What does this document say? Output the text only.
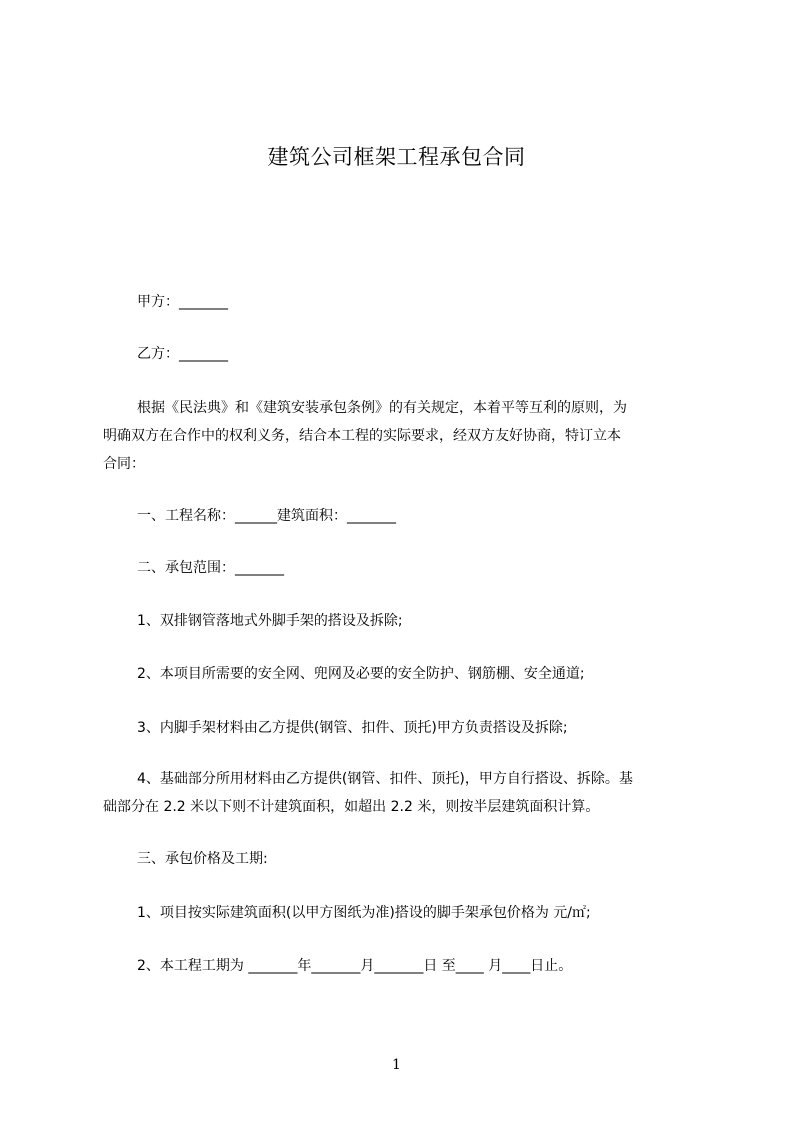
建筑公司框架工程承包合同
甲方：_______
乙方：_______
根据《民法典》和《建筑安装承包条例》的有关规定，本着平等互利的原则，为
明确双方在合作中的权利义务，结合本工程的实际要求，经双方友好协商，特订立本
合同：
一、工程名称：______建筑面积：_______
二、承包范围：_______
1、双排钢管落地式外脚手架的搭设及拆除;
2、本项目所需要的安全网、兜网及必要的安全防护、钢筋棚、安全通道;
3、内脚手架材料由乙方提供(钢管、扣件、顶托)甲方负责搭设及拆除;
4、基础部分所用材料由乙方提供(钢管、扣件、顶托)，甲方自行搭设、拆除。基
础部分在 2.2 米以下则不计建筑面积，如超出 2.2 米，则按半层建筑面积计算。
三、承包价格及工期:
1、项目按实际建筑面积(以甲方图纸为准)搭设的脚手架承包价格为 元/㎡;
2、本工程工期为 _______年_______月_______日 至____ 月____日止。
1
